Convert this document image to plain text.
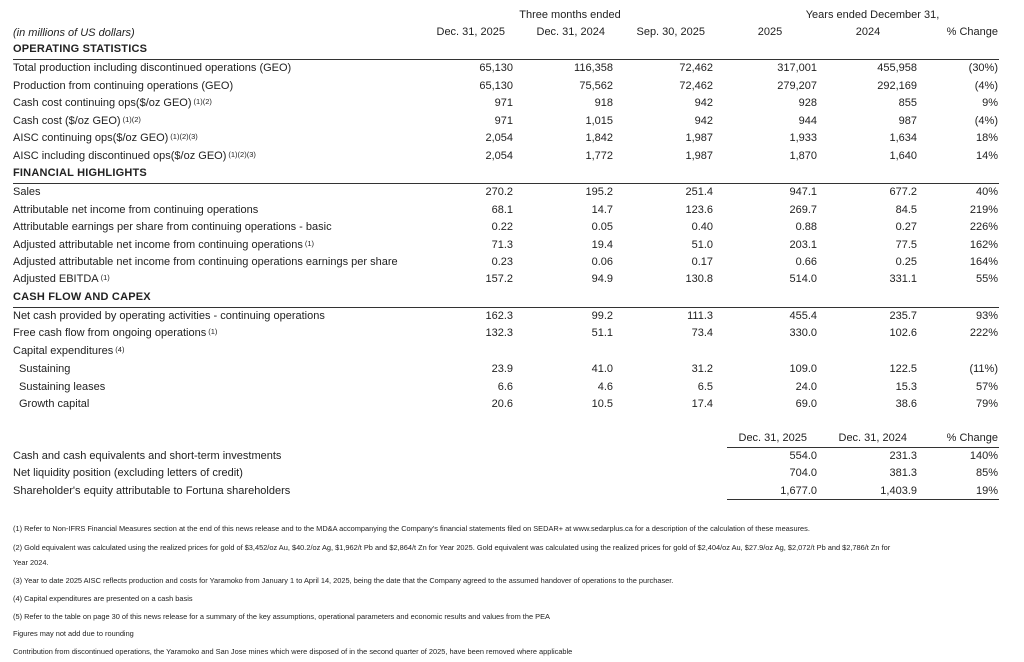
Three months ended	Years ended December 31,
(in millions of US dollars)	Dec. 31, 2025	Dec. 31, 2024	Sep. 30, 2025	2025	2024	% Change
OPERATING STATISTICS
FINANCIAL HIGHLIGHTS
CASH FLOW AND CAPEX
Total production including discontinued operations (GEO)	65,130	116,358	72,462	317,001	455,958	(30%)
Production from continuing operations (GEO)	65,130	75,562	72,462	279,207	292,169	(4%)
Cash cost continuing ops($/oz GEO) $^{(1)(2)}$	971	918	942	928	855	9%
Cash cost ($/oz GEO) $^{(1)(2)}$	971	1,015	942	944	987	(4%)
AISC continuing ops($/oz GEO) $^{(1)(2)(3)}$	2,054	1,842	1,987	1,933	1,634	18%
AISC including discontinued ops($/oz GEO) $^{(1)(2)(3)}$	2,054	1,772	1,987	1,870	1,640	14%
Sales	270.2	195.2	251.4	947.1	677.2	40%
Attributable net income from continuing operations	68.1	14.7	123.6	269.7	84.5	219%
Attributable earnings per share from continuing operations - basic	0.22	0.05	0.40	0.88	0.27	226%
Adjusted attributable net income from continuing operations $^{(1)}$	71.3	19.4	51.0	203.1	77.5	162%
Adjusted attributable net income from continuing operations earnings per share	0.23	0.06	0.17	0.66	0.25	164%
Adjusted EBITDA $^{(1)}$	157.2	94.9	130.8	514.0	331.1	55%
Net cash provided by operating activities - continuing operations	162.3	99.2	111.3	455.4	235.7	93%
Free cash flow from ongoing operations $^{(1)}$	132.3	51.1	73.4	330.0	102.6	222%
Capital expenditures $^{(4)}$
Sustaining	23.9	41.0	31.2	109.0	122.5	(11%)
Sustaining leases	6.6	4.6	6.5	24.0	15.3	57%
Growth capital	20.6	10.5	17.4	69.0	38.6	79%
Dec. 31, 2025	Dec. 31, 2024	% Change
Cash and cash equivalents and short-term investments	554.0	231.3	140%
Net liquidity position (excluding letters of credit)	704.0	381.3	85%
Shareholder's equity attributable to Fortuna shareholders	1,677.0	1,403.9	19%
(1) Refer to Non-IFRS Financial Measures section at the end of this news release and to the MD&A accompanying the Company's financial statements filed on SEDAR+ at www.sedarplus.ca for a description of the calculation of these measures.
(2) Gold equivalent was calculated using the realized prices for gold of $3,452/oz Au, $40.2/oz Ag, $1,962/t Pb and $2,864/t Zn for Year 2025. Gold equivalent was calculated using the realized prices for gold of $2,404/oz Au, $27.9/oz Ag, $2,072/t Pb and $2,786/t Zn for
Year 2024.
(3) Year to date 2025 AISC reflects production and costs for Yaramoko from January 1 to April 14, 2025, being the date that the Company agreed to the assumed handover of operations to the purchaser.
(4) Capital expenditures are presented on a cash basis
(5) Refer to the table on page 30 of this news release for a summary of the key assumptions, operational parameters and economic results and values from the PEA
Figures may not add due to rounding
Contribution from discontinued operations, the Yaramoko and San Jose mines which were disposed of in the second quarter of 2025, have been removed where applicable
